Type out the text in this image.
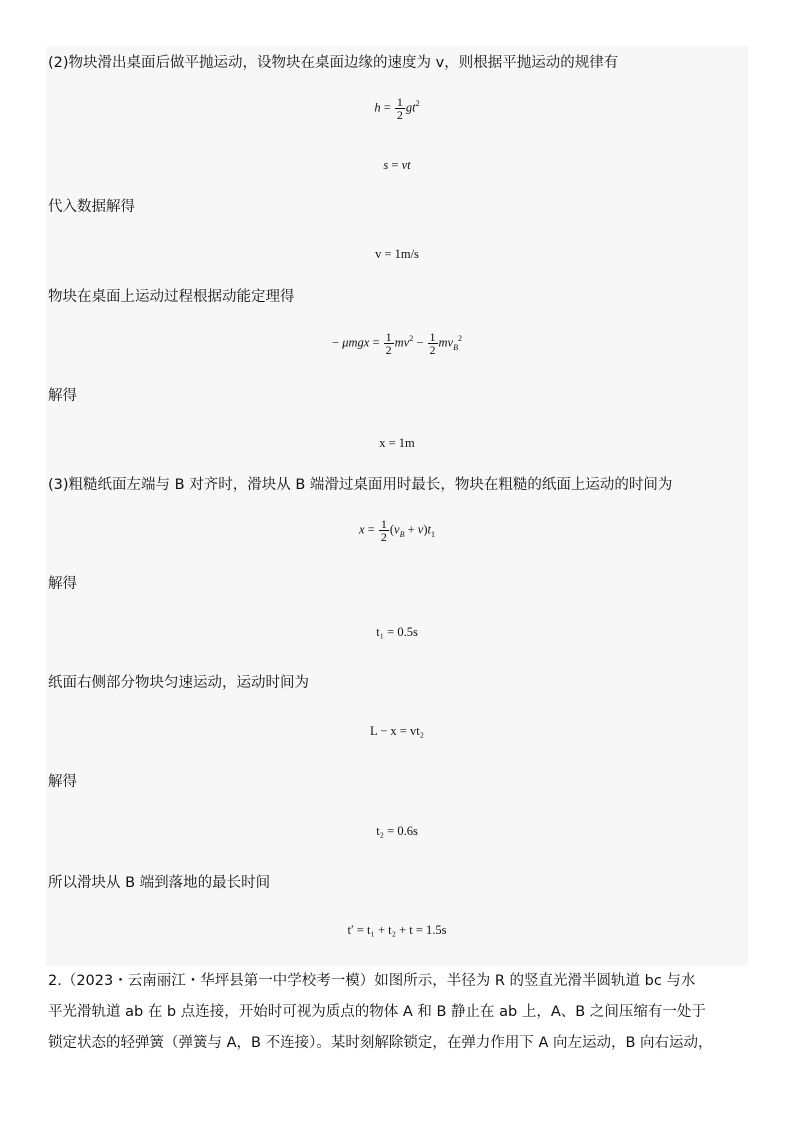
(2)物块滑出桌面后做平抛运动，设物块在桌面边缘的速度为 v，则根据平抛运动的规律有
$h = \frac{1}{2} gt^2$
s = vt
代入数据解得
v = 1m/s
物块在桌面上运动过程根据动能定理得
− $\mu mgx = \frac{1}{2} mv^2 - \frac{1}{2} mv_B^2$
解得
x = 1m
(3)粗糙纸面左端与 B 对齐时，滑块从 B 端滑过桌面用时最长，物块在粗糙的纸面上运动的时间为
$x = \frac{1}{2} (v_B + v)t_1$
解得
t₁ = 0.5s
纸面右侧部分物块匀速运动，运动时间为
L − x = vt₂
解得
t₂ = 0.6s
所以滑块从 B 端到落地的最长时间
t′ = t₁ + t₂ + t = 1.5s
2.（2023・云南丽江・华坪县第一中学校考一模）如图所示，半径为 R 的竖直光滑半圆轨道 bc 与水
平光滑轨道 ab 在 b 点连接，开始时可视为质点的物体 A 和 B 静止在 ab 上，A、B 之间压缩有一处于
锁定状态的轻弹簧（弹簧与 A，B 不连接）。某时刻解除锁定，在弹力作用下 A 向左运动，B 向右运动，
